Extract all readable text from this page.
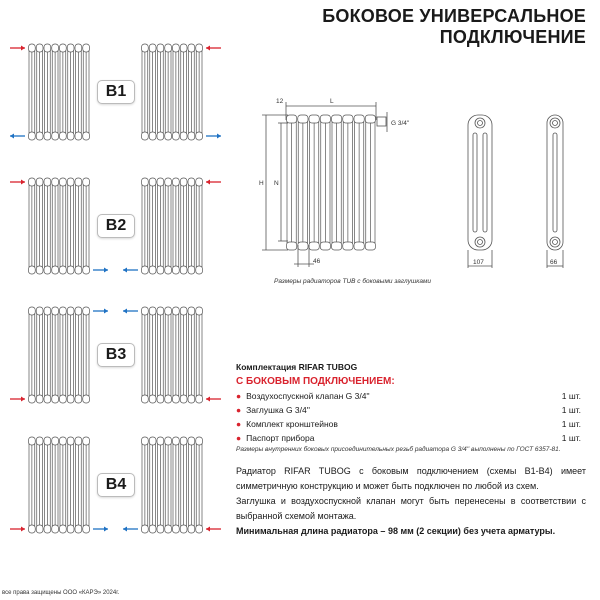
БОКОВОЕ УНИВЕРСАЛЬНОЕ
ПОДКЛЮЧЕНИЕ
B1
B2
B3
B4
12	L
G 3/4''
H N
46	107	66
Размеры радиаторов TUB с боковыми заглушками
Комплектация RIFAR TUBOG
С БОКОВЫМ ПОДКЛЮЧЕНИЕМ:
● Воздухоспускной клапан G 3/4''	1 шт.
● Заглушка G 3/4''	1 шт.
● Комплект кронштейнов	1 шт.
● Паспорт прибора	1 шт.
Размеры внутренних боковых присоединительных резьб радиатора G 3/4'' выполнены по ГОСТ 6357-81.

Радиатор RIFAR TUBOG с боковым подключением (схемы В1-В4) имеет симметричную конструкцию и может быть подключен по любой из схем.

Заглушка и воздухоспускной клапан могут быть перенесены в соответствии с выбранной схемой монтажа.

Минимальная длина радиатора – 98 мм (2 секции) без учета арматуры.

все права защищены ООО «КАРЭ» 2024г.
